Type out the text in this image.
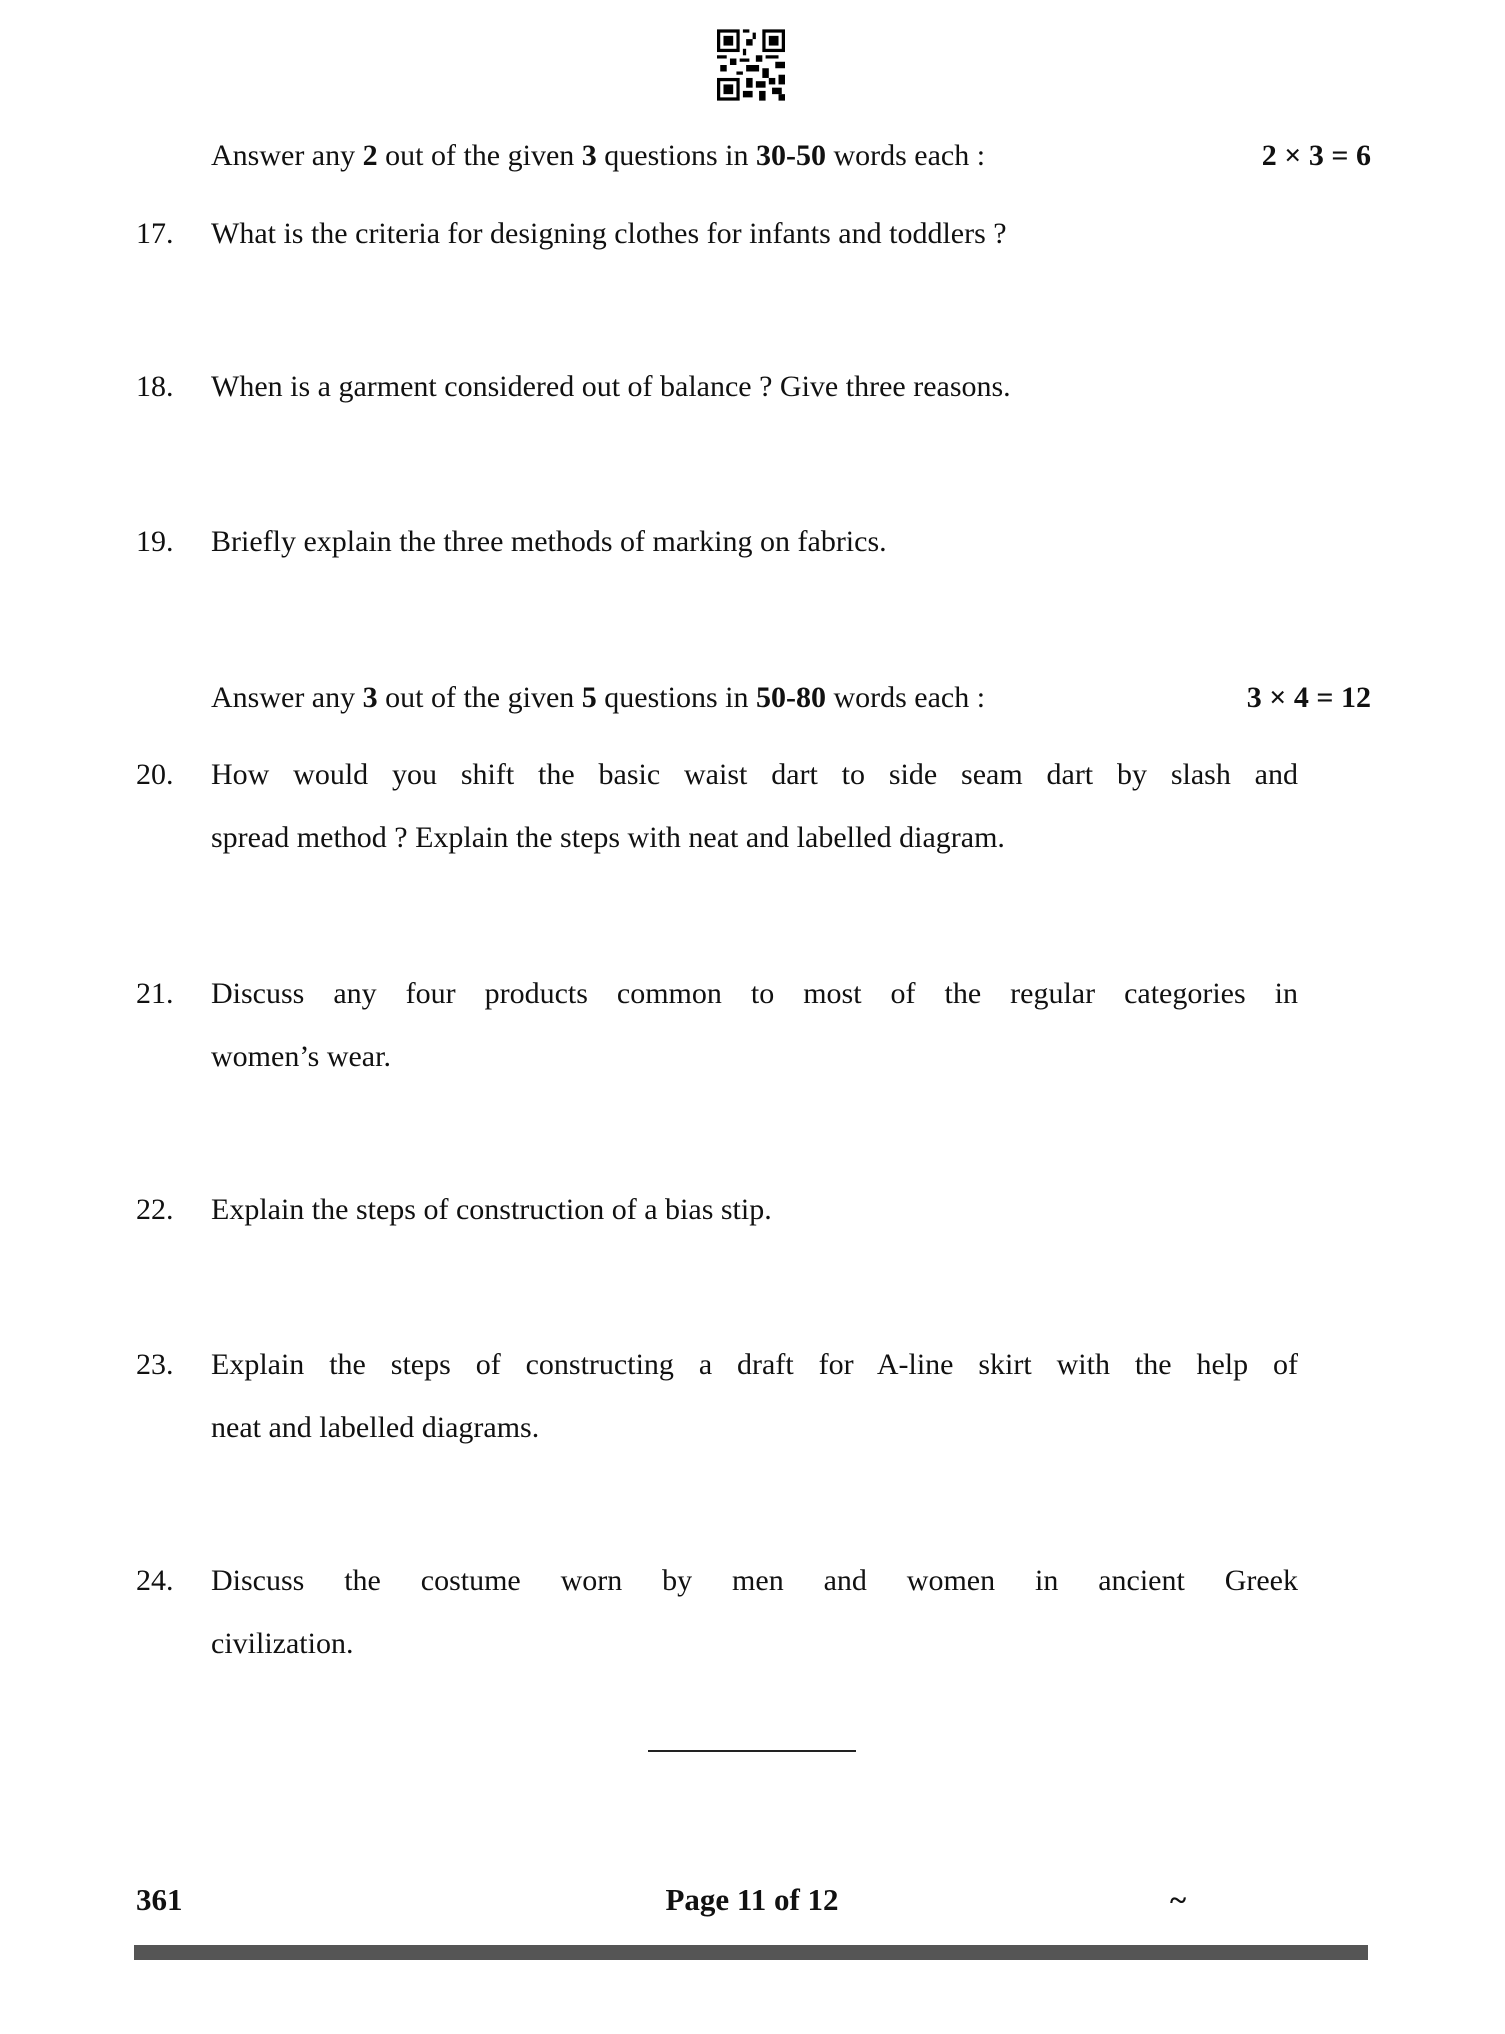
Answer any 2 out of the given 3 questions in 30-50 words each :	2 × 3 = 6
Answer any 3 out of the given 5 questions in 50-80 words each :	3 × 4 = 12
17. What is the criteria for designing clothes for infants and toddlers ?
18. When is a garment considered out of balance ? Give three reasons.
19. Briefly explain the three methods of marking on fabrics.
20. How would you shift the basic waist dart to side seam dart by slash and
spread method ? Explain the steps with neat and labelled diagram.
21. Discuss any four products common to most of the regular categories in
women’s wear.
22. Explain the steps of construction of a bias stip.
23. Explain the steps of constructing a draft for A-line skirt with the help of
neat and labelled diagrams.
24. Discuss the costume worn by men and women in ancient Greek
civilization.
361	Page 11 of 12	~
